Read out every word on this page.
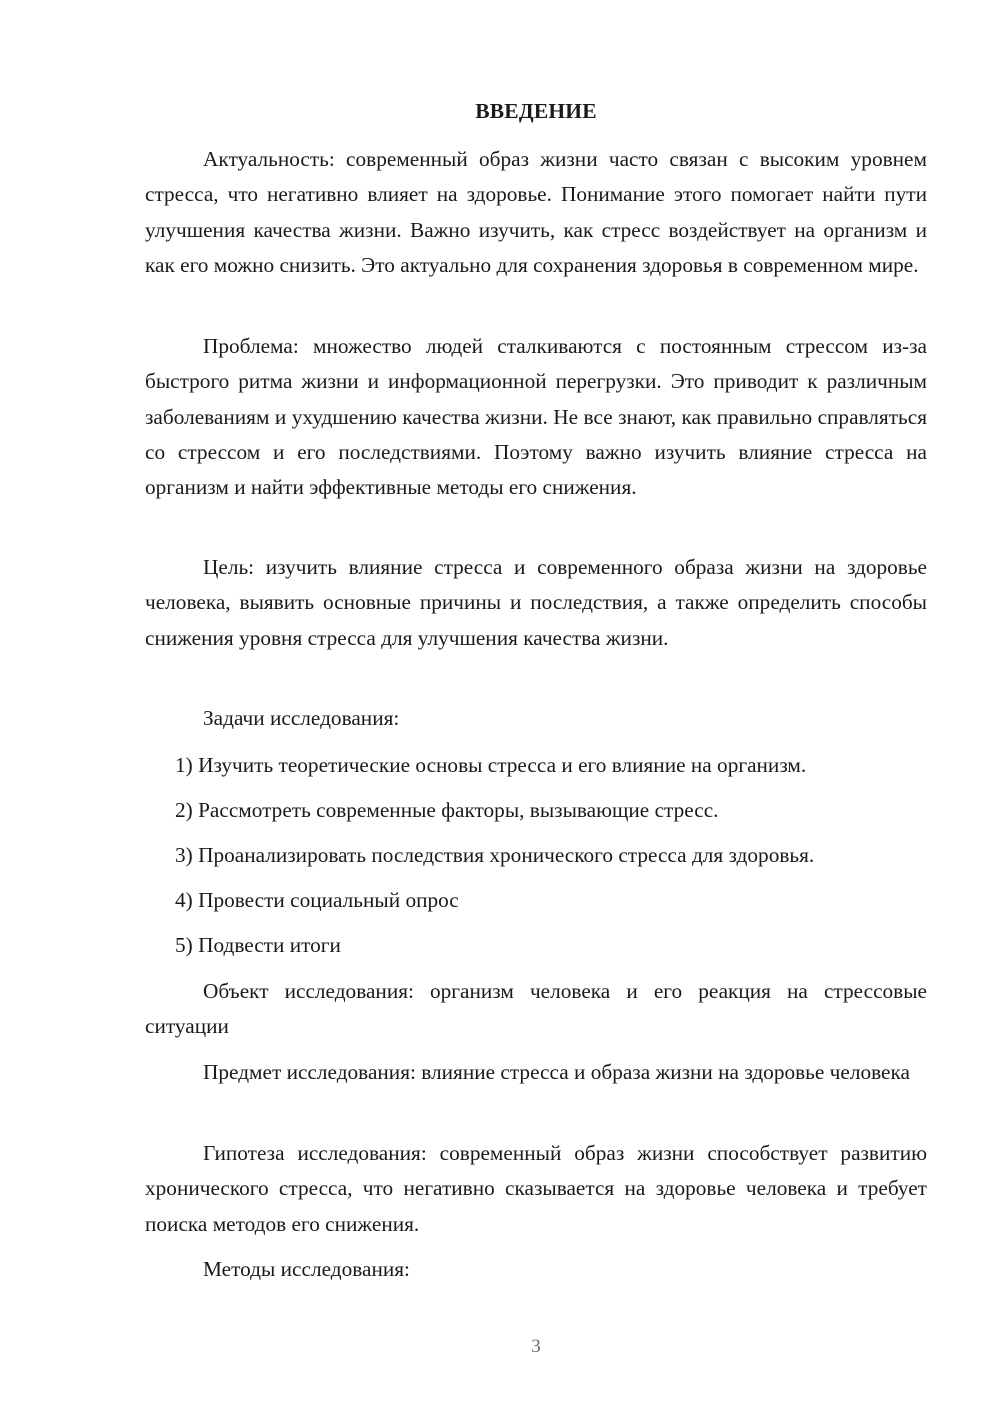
ВВЕДЕНИЕ

Актуальность: современный образ жизни часто связан с высоким уровнем стресса, что негативно влияет на здоровье. Понимание этого помогает найти пути улучшения качества жизни. Важно изучить, как стресс воздействует на организм и как его можно снизить. Это актуально для сохранения здоровья в современном мире.

Проблема: множество людей сталкиваются с постоянным стрессом из-за быстрого ритма жизни и информационной перегрузки. Это приводит к различным заболеваниям и ухудшению качества жизни. Не все знают, как правильно справляться со стрессом и его последствиями. Поэтому важно изучить влияние стресса на организм и найти эффективные методы его снижения.

Цель: изучить влияние стресса и современного образа жизни на здоровье человека, выявить основные причины и последствия, а также определить способы снижения уровня стресса для улучшения качества жизни.

Задачи исследования:

1) Изучить теоретические основы стресса и его влияние на организм.

2) Рассмотреть современные факторы, вызывающие стресс.

3) Проанализировать последствия хронического стресса для здоровья.

4) Провести социальный опрос

5) Подвести итоги

Объект исследования: организм человека и его реакция на стрессовые ситуации

Предмет исследования: влияние стресса и образа жизни на здоровье человека

Гипотеза исследования: современный образ жизни способствует развитию хронического стресса, что негативно сказывается на здоровье человека и требует поиска методов его снижения.

Методы исследования:

3
